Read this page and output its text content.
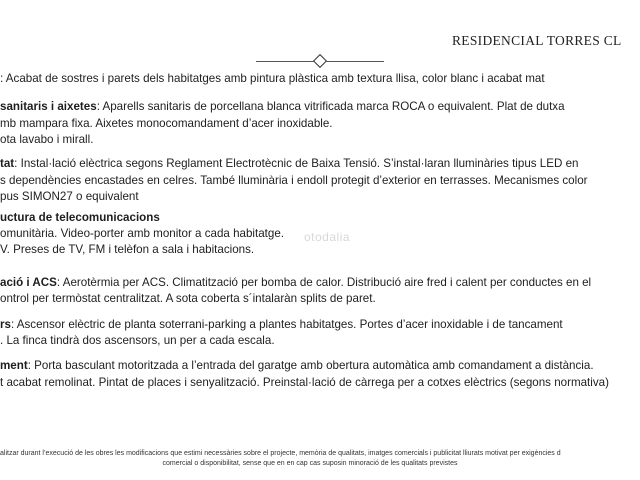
RESIDENCIAL TORRES CL
otodalia
: Acabat de sostres i parets dels habitatges amb pintura plàstica amb textura llisa, color blanc i acabat mat
sanitaris i aixetes: Aparells sanitaris de porcellana blanca vitrificada marca ROCA o equivalent. Plat de dutxa
mb mampara fixa. Aixetes monocomandament d’acer inoxidable.
ota lavabo i mirall.
tat: Instal·lació elèctrica segons Reglament Electrotècnic de Baixa Tensió. S’instal·laran lluminàries tipus LED en
s dependències encastades en celres. També lluminària i endoll protegit d’exterior en terrasses. Mecanismes color
pus SIMON27 o equivalent
uctura de telecomunicacions
omunitària. Video-porter amb monitor a cada habitatge.
V. Preses de TV, FM i telèfon a sala i habitacions.
ació i ACS: Aerotèrmia per ACS. Climatització per bomba de calor. Distribució aire fred i calent per conductes en el
ontrol per termòstat centralitzat. A sota coberta s´intalaràn splits de paret.
rs: Ascensor elèctric de planta soterrani-parking a plantes habitatges. Portes d’acer inoxidable i de tancament
. La finca tindrà dos ascensors, un per a cada escala.
ment: Porta basculant motoritzada a l’entrada del garatge amb obertura automàtica amb comandament a distància.
t acabat remolinat. Pintat de places i senyalització. Preinstal·lació de càrrega per a cotxes elèctrics (segons normativa)
alitzar durant l’execució de les obres les modificacions que estimi necessàries sobre el projecte, memòria de qualitats, imatges comercials i publicitat lliurats motivat per exigències d
comercial o disponibilitat, sense que en en cap cas suposin minoració de les qualitats previstes
